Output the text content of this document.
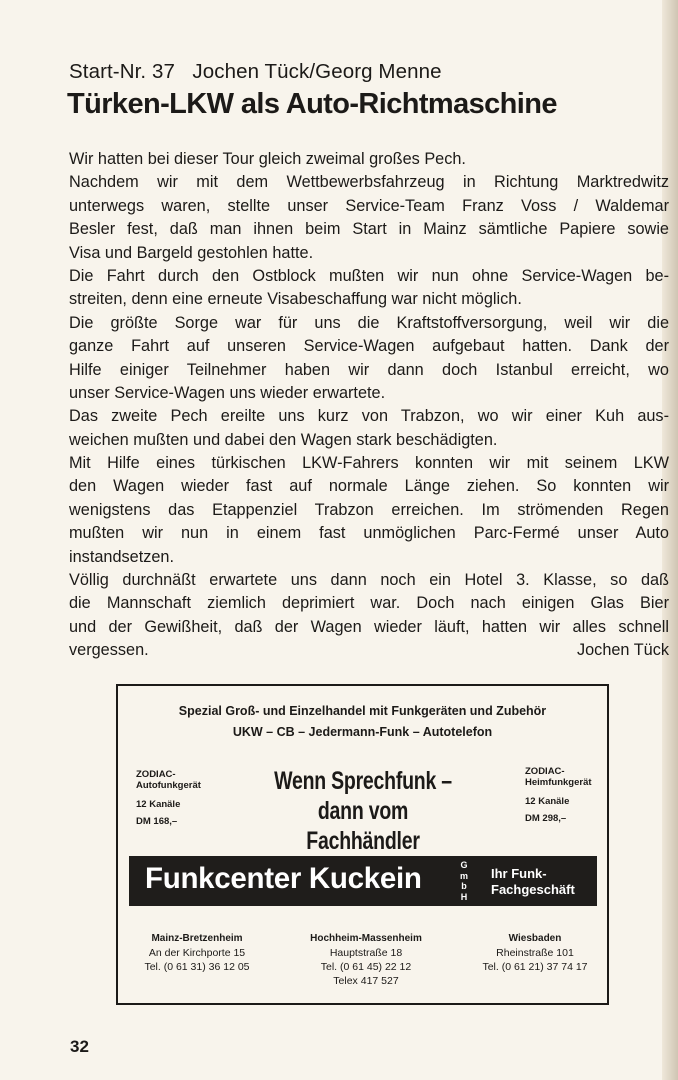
Start-Nr. 37   Jochen Tück/Georg Menne
Türken-LKW als Auto-Richtmaschine
Wir hatten bei dieser Tour gleich zweimal großes Pech.
Nachdem wir mit dem Wettbewerbsfahrzeug in Richtung Marktredwitz
unterwegs waren, stellte unser Service-Team Franz Voss / Waldemar
Besler fest, daß man ihnen beim Start in Mainz sämtliche Papiere sowie
Visa und Bargeld gestohlen hatte.
Die Fahrt durch den Ostblock mußten wir nun ohne Service-Wagen be-
streiten, denn eine erneute Visabeschaffung war nicht möglich.
Die größte Sorge war für uns die Kraftstoffversorgung, weil wir die
ganze Fahrt auf unseren Service-Wagen aufgebaut hatten. Dank der
Hilfe einiger Teilnehmer haben wir dann doch Istanbul erreicht, wo
unser Service-Wagen uns wieder erwartete.
Das zweite Pech ereilte uns kurz von Trabzon, wo wir einer Kuh aus-
weichen mußten und dabei den Wagen stark beschädigten.
Mit Hilfe eines türkischen LKW-Fahrers konnten wir mit seinem LKW
den Wagen wieder fast auf normale Länge ziehen. So konnten wir
wenigstens das Etappenziel Trabzon erreichen. Im strömenden Regen
mußten wir nun in einem fast unmöglichen Parc-Fermé unser Auto
instandsetzen.
Völlig durchnäßt erwartete uns dann noch ein Hotel 3. Klasse, so daß
die Mannschaft ziemlich deprimiert war. Doch nach einigen Glas Bier
und der Gewißheit, daß der Wagen wieder läuft, hatten wir alles schnell
vergessen.	Jochen Tück
Spezial Groß- und Einzelhandel mit Funkgeräten und Zubehör
UKW – CB – Jedermann-Funk – Autotelefon
ZODIAC-
Autofunkgerät
12 Kanäle
DM 168,–
Wenn Sprechfunk –
dann vom Fachhändler
ZODIAC-
Heimfunkgerät
12 Kanäle
DM 298,–
Funkcenter Kuckein	G
m
b
H
Ihr Funk-
Fachgeschäft
Mainz-Bretzenheim
An der Kirchporte 15
Tel. (0 61 31) 36 12 05
Hochheim-Massenheim
Hauptstraße 18
Tel. (0 61 45) 22 12
Telex 417 527
Wiesbaden
Rheinstraße 101
Tel. (0 61 21) 37 74 17
32
